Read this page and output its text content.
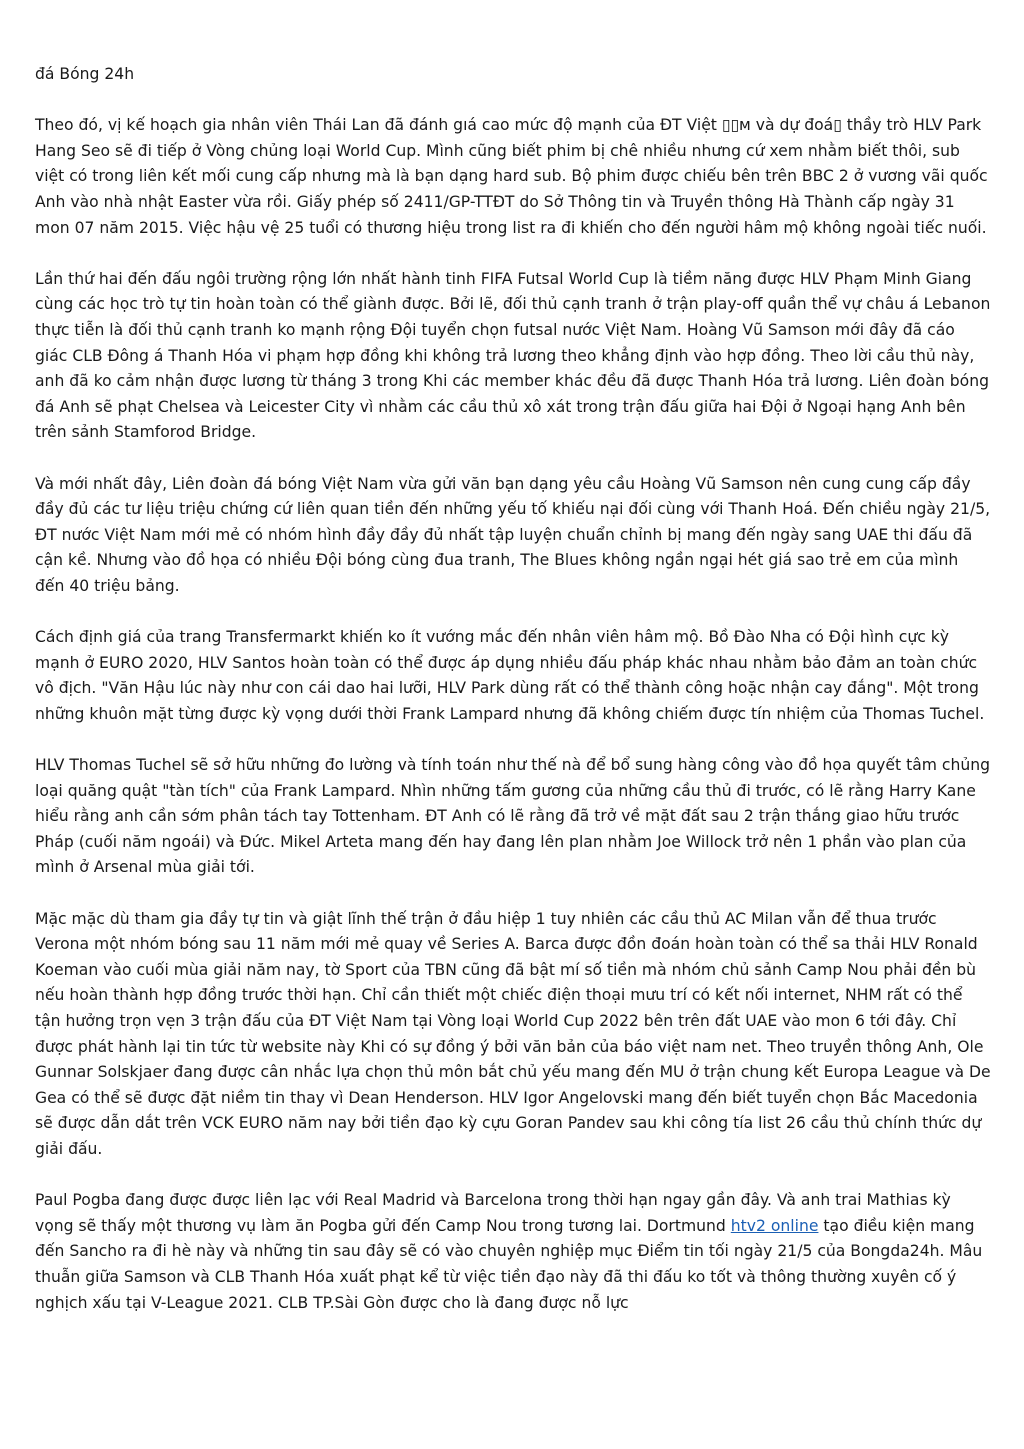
đá Bóng 24h

Theo đó, vị kế hoạch gia nhân viên Thái Lan đã đánh gıá cao mức độ mạnh của ĐT Việt ▯▯м và dự đoá▯ thầy trò HLV Park Hang Seo sẽ đi tiếp ở Vòng chủng loại World Cup. Mình cũng biết phim bị chê nhiều nhưng cứ xem nhằm biết thôi, sub việt có trong liên kết mối cung cấp nhưng mà là bạn dạng hard sub. Bộ phim được chiếu bên trên BBC 2 ở vương vãi quốc Anh vào nhà nhật Easter vừa rồi. Giấy phép số 2411/GP-TTĐT do Sở Thông tin và Truyền thông Hà Thành cấp ngày 31 mon 07 năm 2015. Việc hậu vệ 25 tuổi có thương hiệu trong list ra đi khiến cho đến người hâm mộ không ngoài tiếc nuối.

Lần thứ hai đến đấu ngôi trường rộng lớn nhất hành tinh FIFA Futsal World Cup là tiềm năng được HLV Phạm Minh Giang cùng các học trò tự tin hoàn toàn có thể giành được. Bởi lẽ, đối thủ cạnh tranh ở trận play-off quần thể vự châu á Lebanon thực tiễn là đối thủ cạnh tranh ko mạnh rộng Đội tuyển chọn futsal nước Việt Nam. Hoàng Vũ Samson mới đây đã cáo giác CLB Đông á Thanh Hóa vi phạm hợp đồng khi không trả lương theo khẳng định vào hợp đồng. Theo lời cầu thủ này, anh đã ko cảm nhận được lương từ tháng 3 trong Khi các member khác đều đã được Thanh Hóa trả lương. Liên đoàn bóng đá Anh sẽ phạt Chelsea và Leicester City vì nhằm các cầu thủ xô xát trong trận đấu giữa hai Đội ở Ngoại hạng Anh bên trên sảnh Stamforod Bridge.

Và mới nhất đây, Liên đoàn đá bóng Việt Nam vừa gửi văn bạn dạng yêu cầu Hoàng Vũ Samson nên cung cung cấp đầy đầy đủ các tư liệu triệu chứng cứ liên quan tiền đến những yếu tố khiếu nại đối cùng với Thanh Hoá. Đến chiều ngày 21/5, ĐT nước Việt Nam mới mẻ có nhóm hình đầy đầy đủ nhất tập luyện chuẩn chỉnh bị mang đến ngày sang UAE thi đấu đã cận kề. Nhưng vào đồ họa có nhiều Đội bóng cùng đua tranh, The Blues không ngần ngại hét giá sao trẻ em của mình đến 40 triệu bảng.

Cách định giá của trang Transfermarkt khiến ko ít vướng mắc đến nhân viên hâm mộ. Bồ Đào Nha có Đội hình cực kỳ mạnh ở EURO 2020, HLV Santos hoàn toàn có thể được áp dụng nhiều đấu pháp khác nhau nhằm bảo đảm an toàn chức vô địch. "Văn Hậu lúc này như con cái dao hai lưỡi, HLV Park dùng rất có thể thành công hoặc nhận cay đắng". Một trong những khuôn mặt từng được kỳ vọng dưới thời Frank Lampard nhưng đã không chiếm được tín nhiệm của Thomas Tuchel.

HLV Thomas Tuchel sẽ sở hữu những đo lường và tính toán như thế nà để bổ sung hàng công vào đồ họa quyết tâm chủng loại quăng quật "tàn tích" của Frank Lampard. Nhìn những tấm gương của những cầu thủ đi trước, có lẽ rằng Harry Kane hiểu rằng anh cần sớm phân tách tay Tottenham. ĐT Anh có lẽ rằng đã trở về mặt đất sau 2 trận thắng giao hữu trước Pháp (cuối năm ngoái) và Đức. Mikel Arteta mang đến hay đang lên plan nhằm Joe Willock trở nên 1 phần vào plan của mình ở Arsenal mùa giải tới.

Mặc mặc dù tham gia đầy tự tin và giật lĩnh thế trận ở đầu hiệp 1 tuy nhiên các cầu thủ AC Milan vẫn để thua trước Verona một nhóm bóng sau 11 năm mới mẻ quay về Series A. Barca được đồn đoán hoàn toàn có thể sa thải HLV Ronald Koeman vào cuối mùa giải năm nay, tờ Sport của TBN cũng đã bật mí số tiền mà nhóm chủ sảnh Camp Nou phải đền bù nếu hoàn thành hợp đồng trước thời hạn. Chỉ cần thiết một chiếc điện thoại mưu trí có kết nối internet, NHM rất có thể tận hưởng trọn vẹn 3 trận đấu của ĐT Việt Nam tại Vòng loại World Cup 2022 bên trên đất UAE vào mon 6 tới đây. Chỉ được phát hành lại tin tức từ website này Khi có sự đồng ý bởi văn bản của báo việt nam net. Theo truyền thông Anh, Ole Gunnar Solskjaer đang được cân nhắc lựa chọn thủ môn bắt chủ yếu mang đến MU ở trận chung kết Europa League và De Gea có thể sẽ được đặt niềm tin thay vì Dean Henderson. HLV Igor Angelovski mang đến biết tuyển chọn Bắc Macedonia sẽ được dẫn dắt trên VCK EURO năm nay bởi tiền đạo kỳ cựu Goran Pandev sau khi công tía list 26 cầu thủ chính thức dự giải đấu.

Paul Pogba đang được được liên lạc với Real Madrid và Barcelona trong thời hạn ngay gần đây. Và anh trai Mathias kỳ vọng sẽ thấy một thương vụ làm ăn Pogba gửi đến Camp Nou trong tương lai. Dortmund htv2 online tạo điều kiện mang đến Sancho ra đi hè này và những tin sau đây sẽ có vào chuyên nghiệp mục Điểm tin tối ngày 21/5 của Bongda24h. Mâu thuẫn giữa Samson và CLB Thanh Hóa xuất phạt kể từ việc tiền đạo này đã thi đấu ko tốt và thông thường xuyên cố ý nghịch xấu tại V-League 2021. CLB TP.Sài Gòn được cho là đang được nỗ lực
